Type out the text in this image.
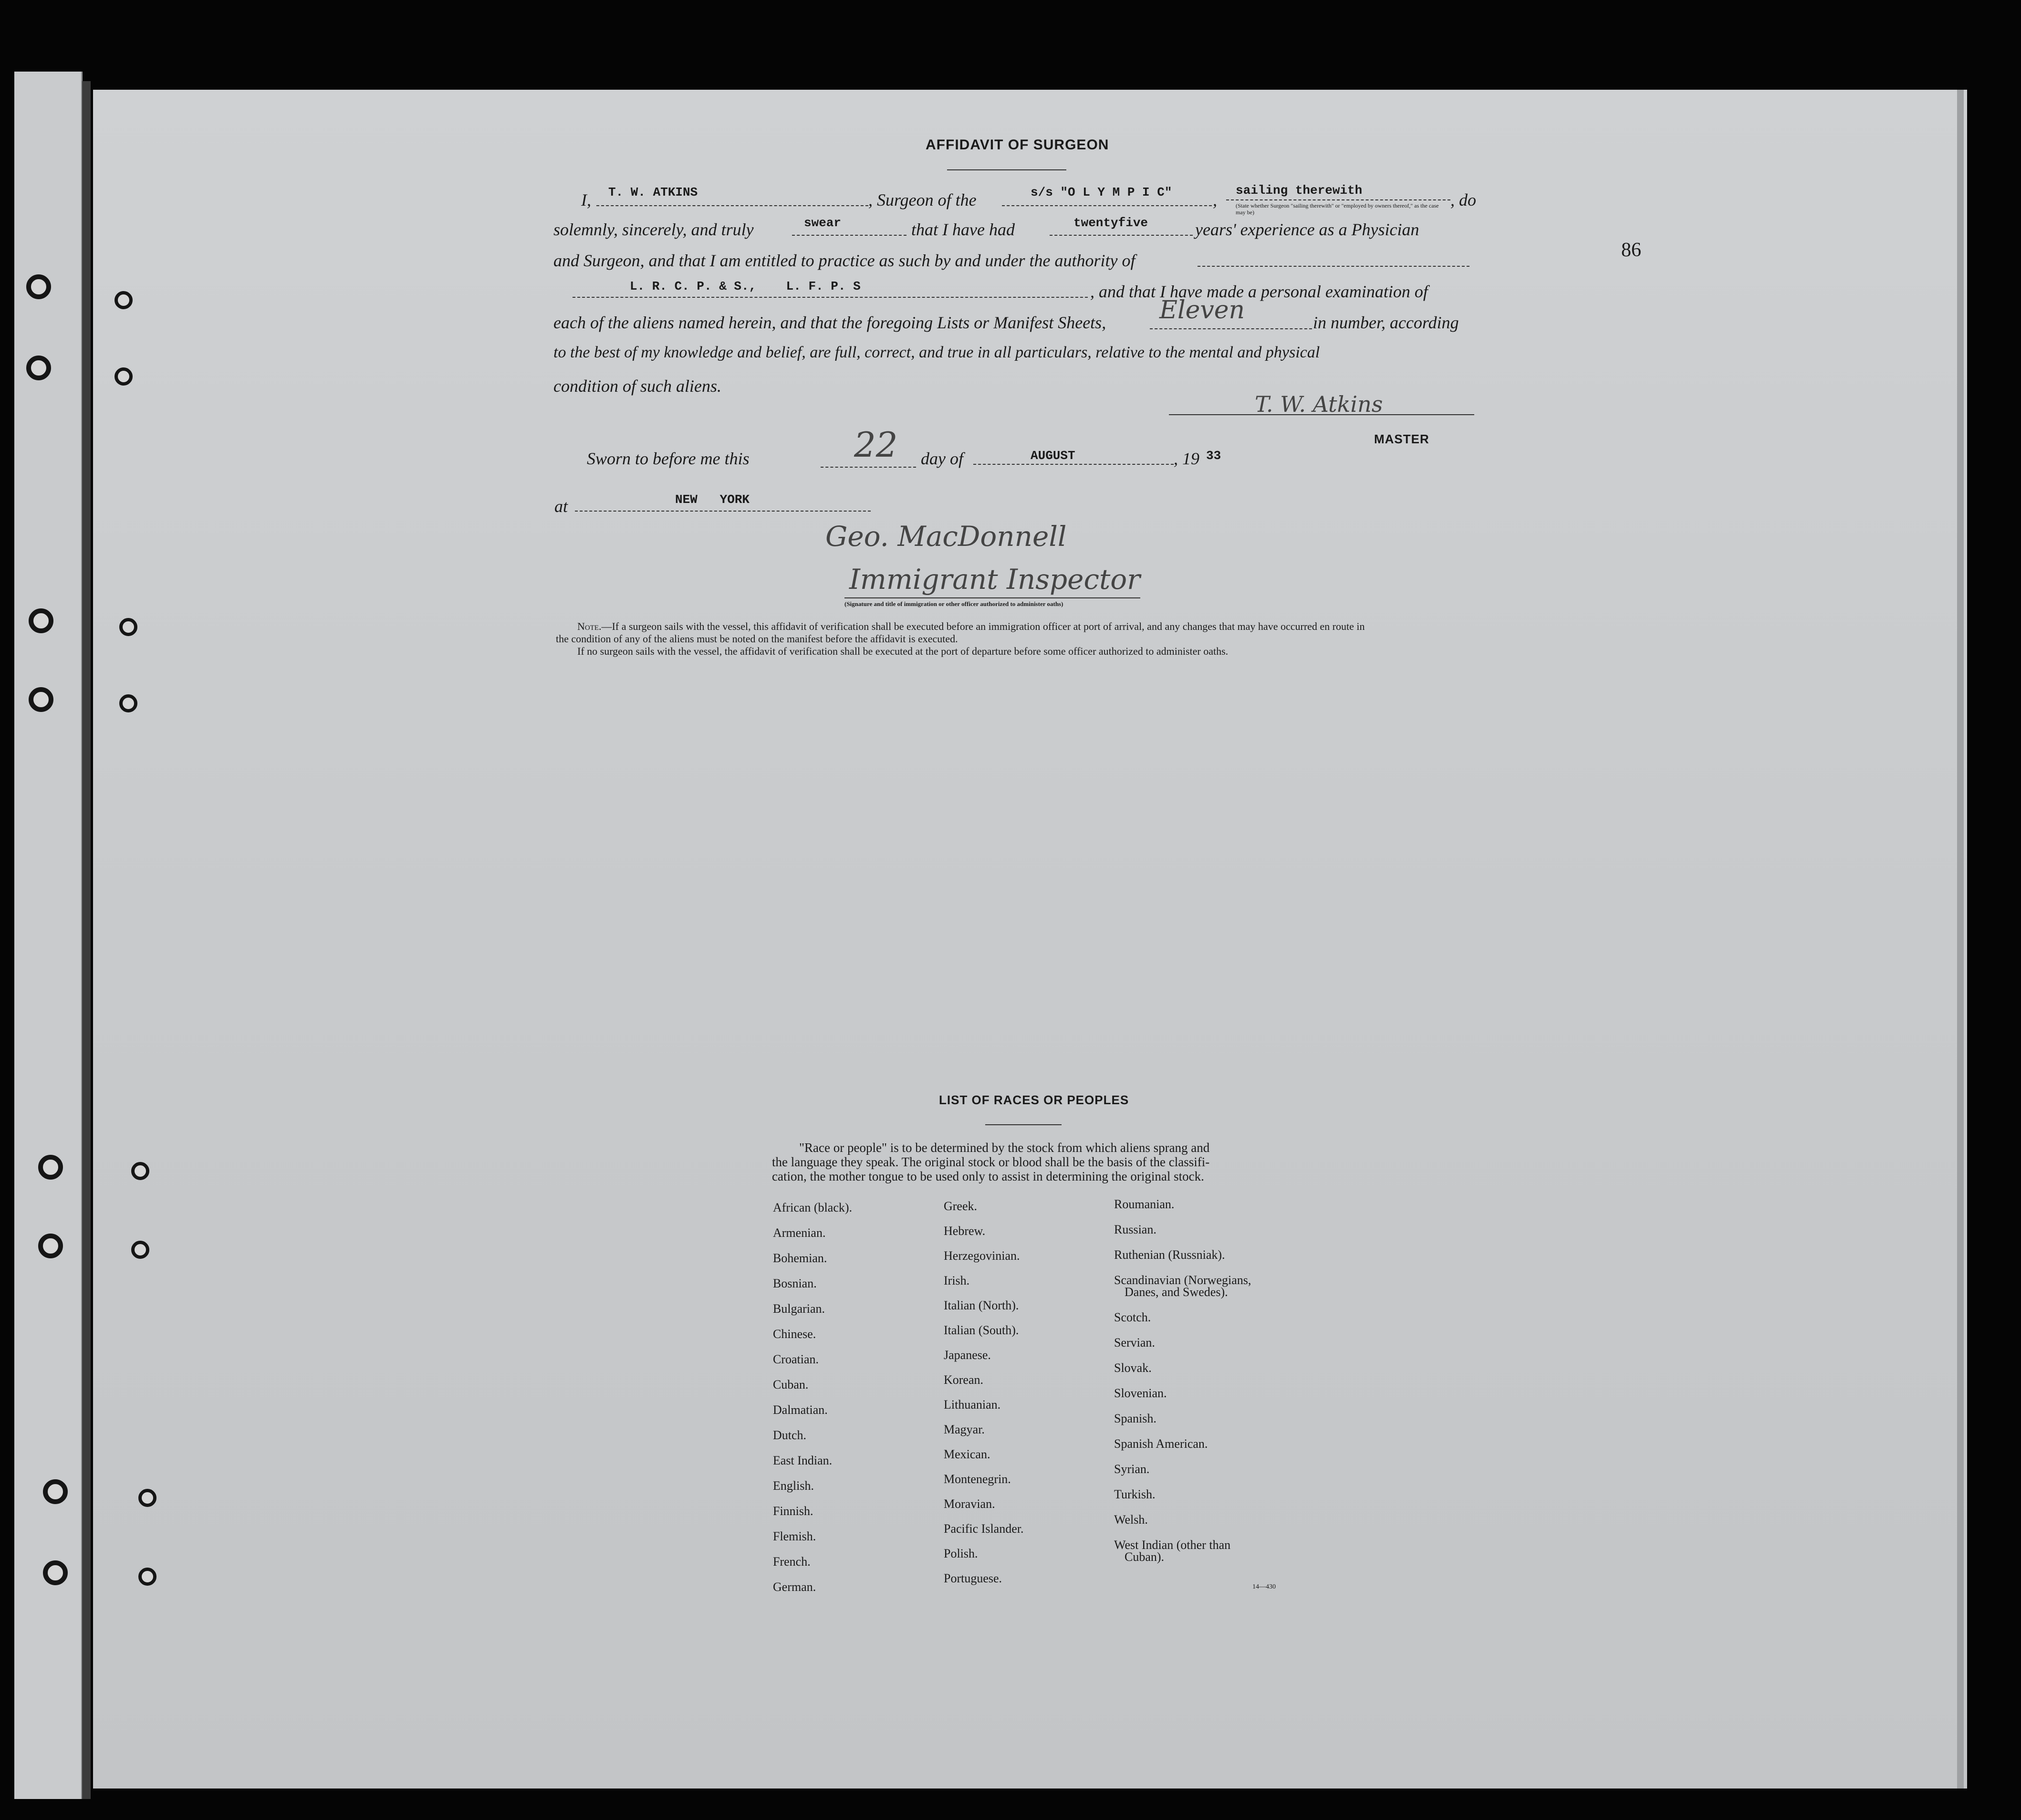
86
AFFIDAVIT OF SURGEON
I, T. W. ATKINS	, Surgeon of the	s/s "O L Y M P I C" , sailing therewith
(State whether Surgeon "sailing therewith" or "employed by owners thereof," as the case may be)
, do
solemnly, sincerely, and truly	swear	that I have had	twentyfive	years' experience as a Physician
and Surgeon, and that I am entitled to practice as such by and under the authority of
L. R. C. P. & S.,    L. F. P. S	, and that I have made a personal examination of
each of the aliens named herein, and that the foregoing Lists or Manifest Sheets, Eleven	in number, according
to the best of my knowledge and belief, are full, correct, and true in all particulars, relative to the mental and physical
condition of such aliens.
T. W. Atkins
MASTER
Sworn to before me this	22 day of	AUGUST	, 19 33
at	NEW   YORK
Geo. MacDonnell
Immigrant Inspector
(Signature and title of immigration or other officer authorized to administer oaths)
Note.—If a surgeon sails with the vessel, this affidavit of verification shall be executed before an immigration officer at port of arrival, and any changes that may have occurred en route in
the condition of any of the aliens must be noted on the manifest before the affidavit is executed.
If no surgeon sails with the vessel, the affidavit of verification shall be executed at the port of departure before some officer authorized to administer oaths.
LIST OF RACES OR PEOPLES
"Race or people" is to be determined by the stock from which aliens sprang and
the language they speak. The original stock or blood shall be the basis of the classifi-
cation, the mother tongue to be used only to assist in determining the original stock.
African (black).
Armenian.
Bohemian.
Bosnian.
Bulgarian.
Chinese.
Croatian.
Cuban.
Dalmatian.
Dutch.
East Indian.
English.
Finnish.
Flemish.
French.
German.
Greek.
Hebrew.
Herzegovinian.
Irish.
Italian (North).
Italian (South).
Japanese.
Korean.
Lithuanian.
Magyar.
Mexican.
Montenegrin.
Moravian.
Pacific Islander.
Polish.
Portuguese.
Roumanian.
Russian.
Ruthenian (Russniak).
Scandinavian (Norwegians,
Danes, and Swedes).
Scotch.
Servian.
Slovak.
Slovenian.
Spanish.
Spanish American.
Syrian.
Turkish.
Welsh.
West Indian (other than
Cuban).
14—430
